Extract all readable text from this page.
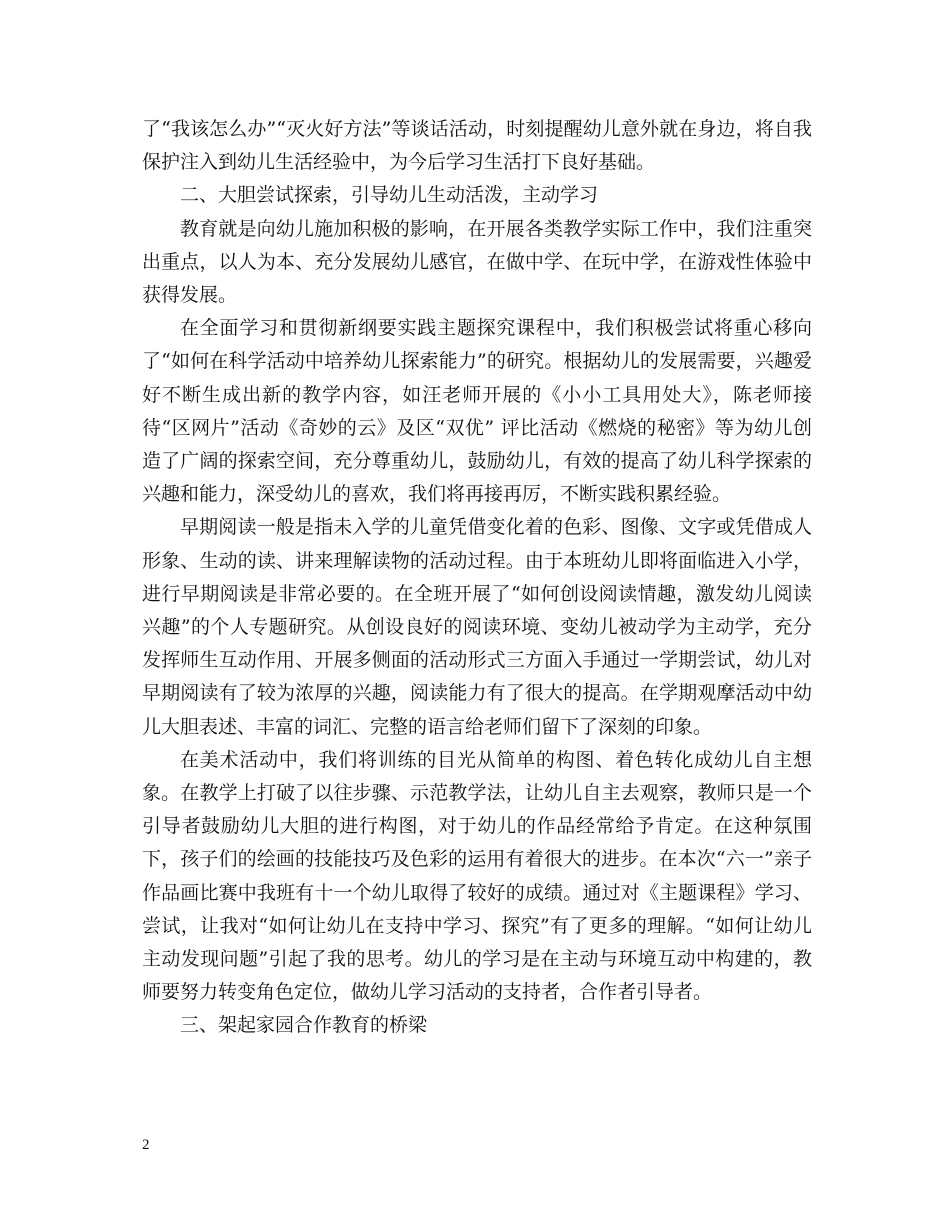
了“我该怎么办”“灭火好方法”等谈话活动，时刻提醒幼儿意外就在身边，将自我保护注入到幼儿生活经验中，为今后学习生活打下良好基础。

二、大胆尝试探索，引导幼儿生动活泼，主动学习

教育就是向幼儿施加积极的影响，在开展各类教学实际工作中，我们注重突出重点，以人为本、充分发展幼儿感官，在做中学、在玩中学，在游戏性体验中获得发展。

在全面学习和贯彻新纲要实践主题探究课程中，我们积极尝试将重心移向了“如何在科学活动中培养幼儿探索能力”的研究。根据幼儿的发展需要，兴趣爱好不断生成出新的教学内容，如汪老师开展的《小小工具用处大》，陈老师接待“区网片”活动《奇妙的云》及区“双优” 评比活动《燃烧的秘密》等为幼儿创造了广阔的探索空间，充分尊重幼儿，鼓励幼儿，有效的提高了幼儿科学探索的兴趣和能力，深受幼儿的喜欢，我们将再接再厉，不断实践积累经验。

早期阅读一般是指未入学的儿童凭借变化着的色彩、图像、文字或凭借成人形象、生动的读、讲来理解读物的活动过程。由于本班幼儿即将面临进入小学，进行早期阅读是非常必要的。在全班开展了“如何创设阅读情趣，激发幼儿阅读兴趣”的个人专题研究。从创设良好的阅读环境、变幼儿被动学为主动学，充分发挥师生互动作用、开展多侧面的活动形式三方面入手通过一学期尝试，幼儿对早期阅读有了较为浓厚的兴趣，阅读能力有了很大的提高。在学期观摩活动中幼儿大胆表述、丰富的词汇、完整的语言给老师们留下了深刻的印象。

在美术活动中，我们将训练的目光从简单的构图、着色转化成幼儿自主想象。在教学上打破了以往步骤、示范教学法，让幼儿自主去观察，教师只是一个引导者鼓励幼儿大胆的进行构图，对于幼儿的作品经常给予肯定。在这种氛围下，孩子们的绘画的技能技巧及色彩的运用有着很大的进步。在本次“六一”亲子作品画比赛中我班有十一个幼儿取得了较好的成绩。通过对《主题课程》学习、尝试，让我对“如何让幼儿在支持中学习、探究”有了更多的理解。“如何让幼儿主动发现问题”引起了我的思考。幼儿的学习是在主动与环境互动中构建的，教师要努力转变角色定位，做幼儿学习活动的支持者，合作者引导者。

三、架起家园合作教育的桥梁

2
